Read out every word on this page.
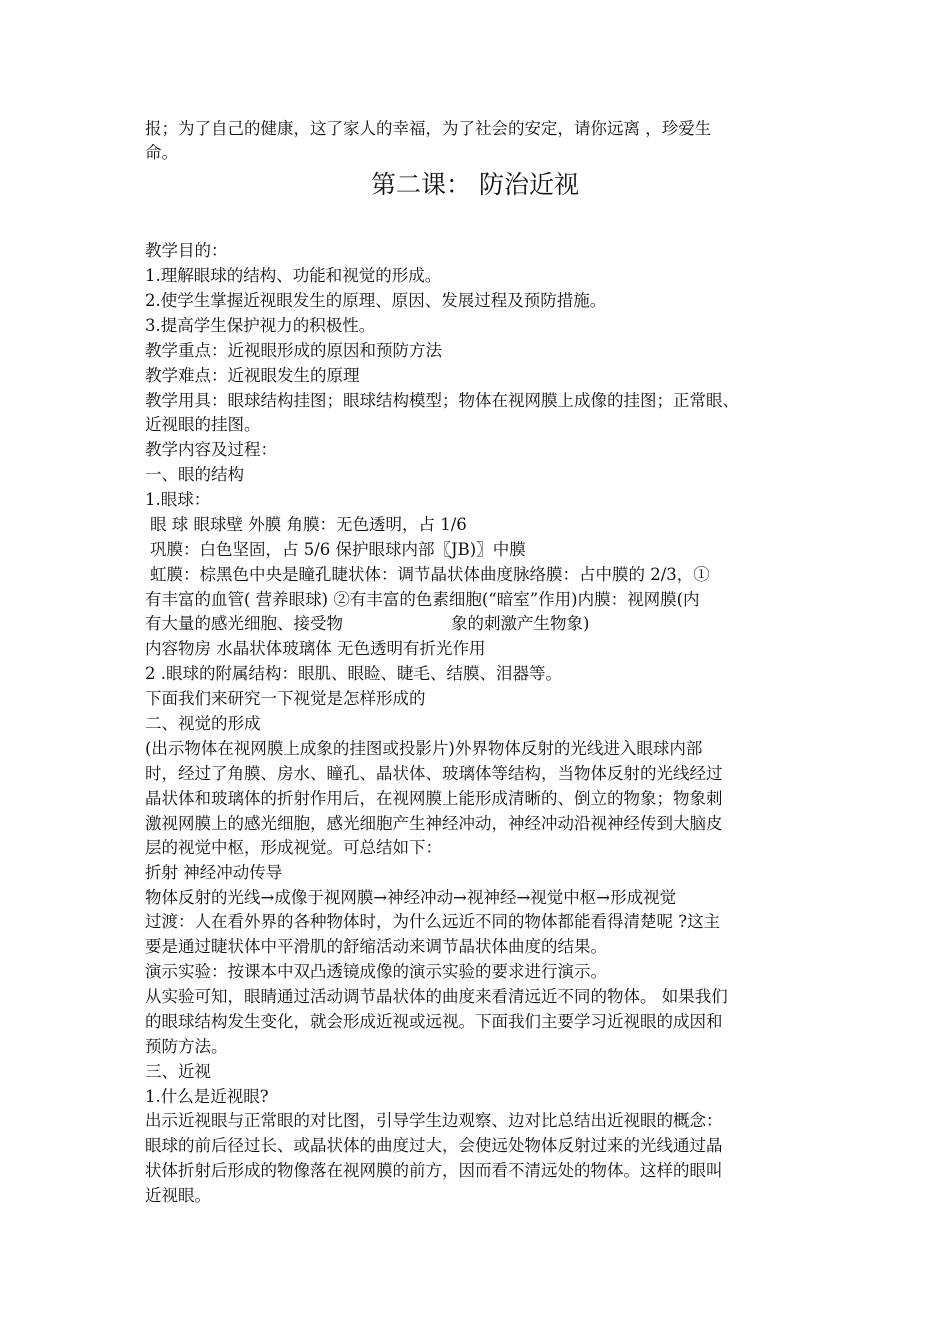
报；为了自己的健康，这了家人的幸福，为了社会的安定，请你远离 ，珍爱生
命。
第二课： 防治近视
教学目的：
1.理解眼球的结构、功能和视觉的形成。
2.使学生掌握近视眼发生的原理、原因、发展过程及预防措施。
3.提高学生保护视力的积极性。
教学重点：近视眼形成的原因和预防方法
教学难点：近视眼发生的原理
教学用具：眼球结构挂图；眼球结构模型；物体在视网膜上成像的挂图；正常眼、
近视眼的挂图。
教学内容及过程：
一、眼的结构
1.眼球：
眼 球 眼球壁 外膜 角膜：无色透明，占 1/6
巩膜：白色坚固，占 5/6 保护眼球内部〖JB)〗中膜
虹膜：棕黑色中央是瞳孔睫状体：调节晶状体曲度脉络膜：占中膜的 2/3，①
有丰富的血管( 营养眼球) ②有丰富的色素细胞(“暗室”作用)内膜：视网膜(内
有大量的感光细胞、接受物	象的刺激产生物象)
内容物房 水晶状体玻璃体 无色透明有折光作用
2 .眼球的附属结构：眼肌、眼睑、睫毛、结膜、泪器等。
下面我们来研究一下视觉是怎样形成的
二、视觉的形成
(出示物体在视网膜上成象的挂图或投影片)外界物体反射的光线进入眼球内部
时，经过了角膜、房水、瞳孔、晶状体、玻璃体等结构，当物体反射的光线经过
晶状体和玻璃体的折射作用后，在视网膜上能形成清晰的、倒立的物象；物象刺
激视网膜上的感光细胞，感光细胞产生神经冲动，神经冲动沿视神经传到大脑皮
层的视觉中枢，形成视觉。可总结如下：
折射 神经冲动传导
物体反射的光线→成像于视网膜→神经冲动→视神经→视觉中枢→形成视觉
过渡：人在看外界的各种物体时，为什么远近不同的物体都能看得清楚呢 ?这主
要是通过睫状体中平滑肌的舒缩活动来调节晶状体曲度的结果。
演示实验：按课本中双凸透镜成像的演示实验的要求进行演示。
从实验可知，眼睛通过活动调节晶状体的曲度来看清远近不同的物体。 如果我们
的眼球结构发生变化，就会形成近视或远视。下面我们主要学习近视眼的成因和
预防方法。
三、近视
1.什么是近视眼?
出示近视眼与正常眼的对比图，引导学生边观察、边对比总结出近视眼的概念：
眼球的前后径过长、或晶状体的曲度过大，会使远处物体反射过来的光线通过晶
状体折射后形成的物像落在视网膜的前方，因而看不清远处的物体。这样的眼叫
近视眼。
